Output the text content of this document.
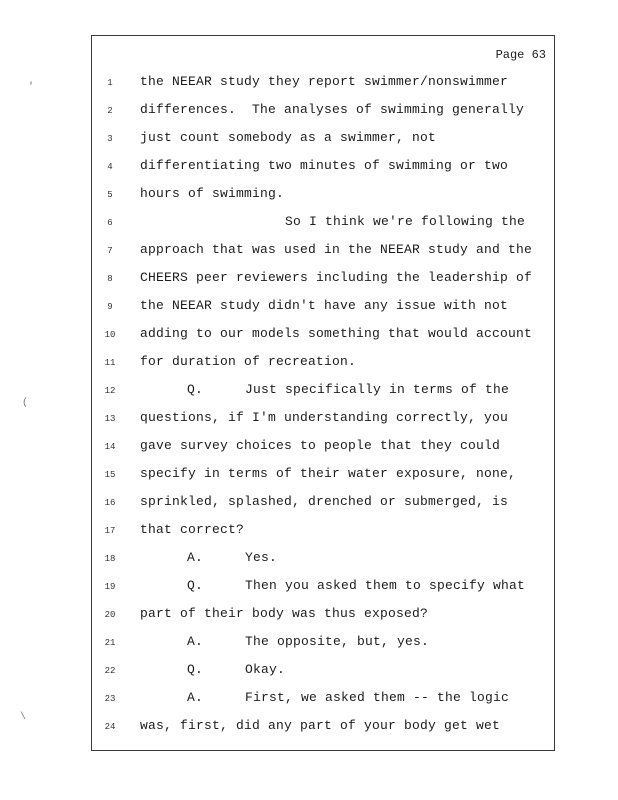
Page 63
1	the NEEAR study they report swimmer/nonswimmer
2	differences.  The analyses of swimming generally
3	just count somebody as a swimmer, not
4	differentiating two minutes of swimming or two
5	hours of swimming.
6	So I think we're following the
7	approach that was used in the NEEAR study and the
8	CHEERS peer reviewers including the leadership of
9	the NEEAR study didn't have any issue with not
10 adding to our models something that would account
11 for duration of recreation.
12	Q.	Just specifically in terms of the
13 questions, if I'm understanding correctly, you
14 gave survey choices to people that they could
15 specify in terms of their water exposure, none,
16 sprinkled, splashed, drenched or submerged, is
17 that correct?
18	A.	Yes.
19	Q.	Then you asked them to specify what
20 part of their body was thus exposed?
21	A.	The opposite, but, yes.
22	Q.	Okay.
23	A.	First, we asked them -- the logic
24 was, first, did any part of your body get wet
′
(
\
